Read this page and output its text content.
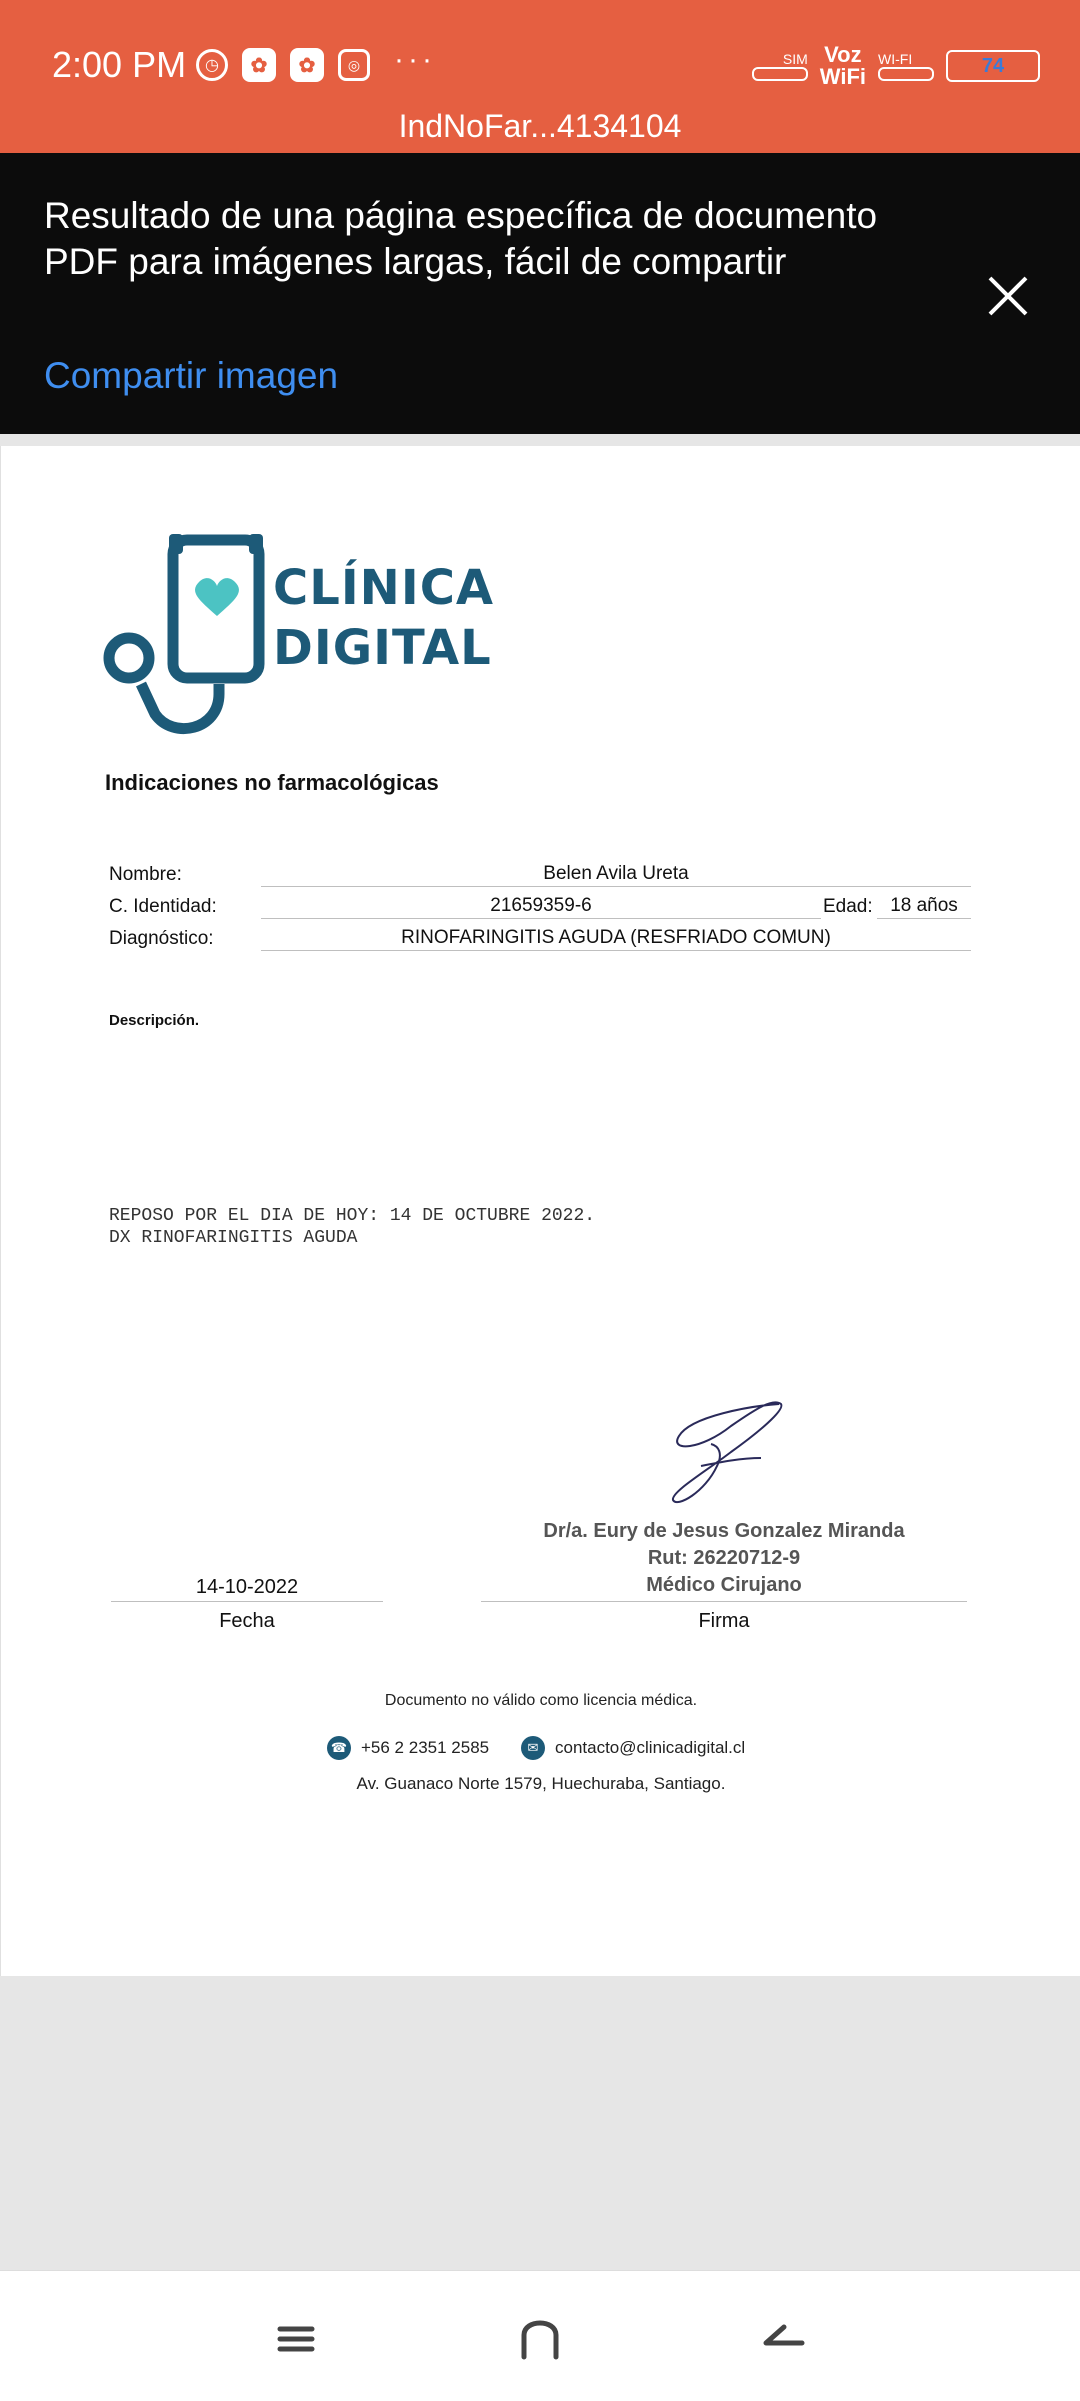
2:00 PM	◷	✿	✿	◎	···	SIM Voz
WiFi
WI-FI	74
IndNoFar...4134104
Resultado de una página específica de documento PDF para imágenes largas, fácil de compartir
Compartir imagen
CLÍNICA
DIGITAL
Indicaciones no farmacológicas
Nombre:	Belen Avila Ureta
C. Identidad:	21659359-6	Edad: 18 años
Diagnóstico:	RINOFARINGITIS AGUDA (RESFRIADO COMUN)
Descripción.
REPOSO POR EL DIA DE HOY: 14 DE OCTUBRE 2022.
DX RINOFARINGITIS AGUDA
Dr/a. Eury de Jesus Gonzalez Miranda
Rut: 26220712-9
Médico Cirujano
14-10-2022
Fecha	Firma
Documento no válido como licencia médica.
☎ +56 2 2351 2585	✉ contacto@clinicadigital.cl
Av. Guanaco Norte 1579, Huechuraba, Santiago.
